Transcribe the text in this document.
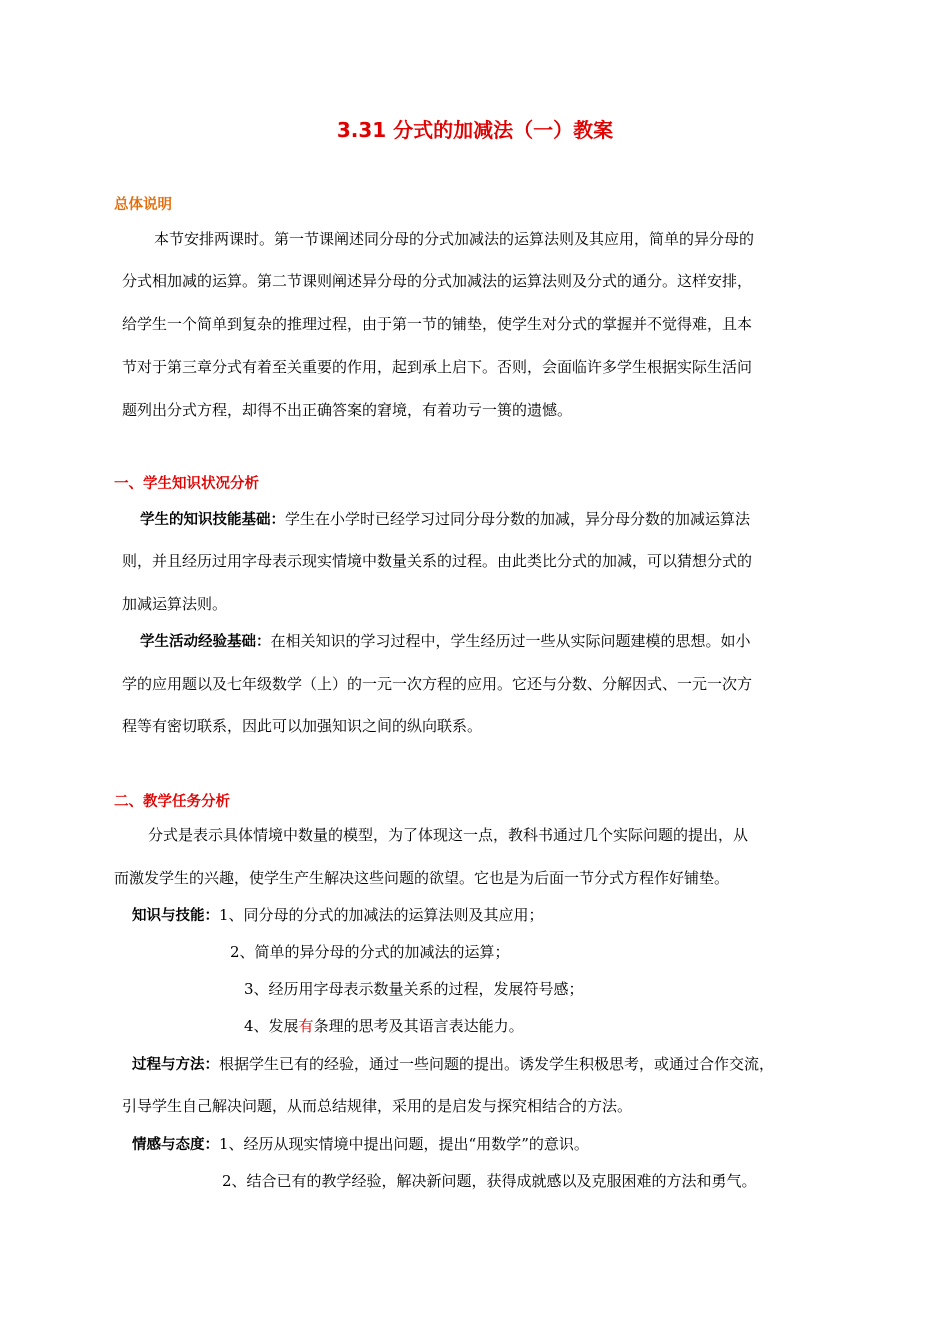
3.31 分式的加减法（一）教案
总体说明
本节安排两课时。第一节课阐述同分母的分式加减法的运算法则及其应用，简单的异分母的
分式相加减的运算。第二节课则阐述异分母的分式加减法的运算法则及分式的通分。这样安排，
给学生一个简单到复杂的推理过程，由于第一节的铺垫，使学生对分式的掌握并不觉得难，且本
节对于第三章分式有着至关重要的作用，起到承上启下。否则，会面临许多学生根据实际生活问
题列出分式方程，却得不出正确答案的窘境，有着功亏一篑的遗憾。
一、学生知识状况分析
学生的知识技能基础：学生在小学时已经学习过同分母分数的加减，异分母分数的加减运算法
则，并且经历过用字母表示现实情境中数量关系的过程。由此类比分式的加减，可以猜想分式的
加减运算法则。
学生活动经验基础：在相关知识的学习过程中，学生经历过一些从实际问题建模的思想。如小
学的应用题以及七年级数学（上）的一元一次方程的应用。它还与分数、分解因式、一元一次方
程等有密切联系，因此可以加强知识之间的纵向联系。
二、教学任务分析
分式是表示具体情境中数量的模型，为了体现这一点，教科书通过几个实际问题的提出，从
而激发学生的兴趣，使学生产生解决这些问题的欲望。它也是为后面一节分式方程作好铺垫。
知识与技能：1、同分母的分式的加减法的运算法则及其应用；
2、简单的异分母的分式的加减法的运算；
3、经历用字母表示数量关系的过程，发展符号感；
4、发展有条理的思考及其语言表达能力。
过程与方法：根据学生已有的经验，通过一些问题的提出。诱发学生积极思考，或通过合作交流，
引导学生自己解决问题，从而总结规律，采用的是启发与探究相结合的方法。
情感与态度：1、经历从现实情境中提出问题，提出“用数学”的意识。
2、结合已有的教学经验，解决新问题，获得成就感以及克服困难的方法和勇气。
